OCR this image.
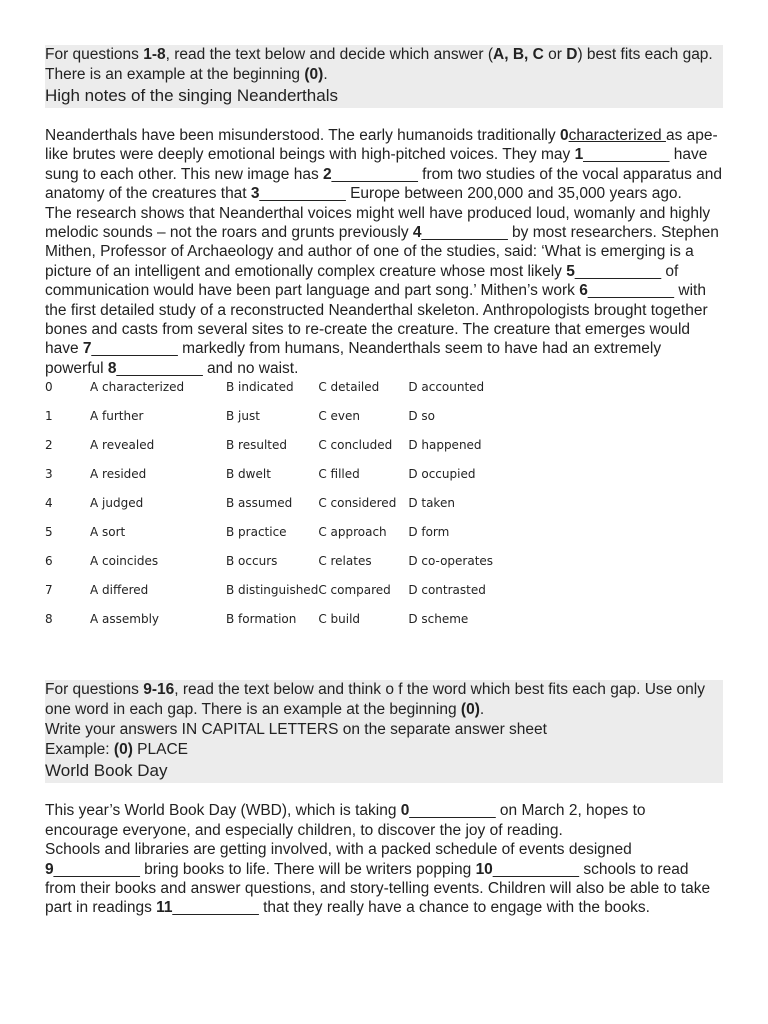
For questions 1-8, read the text below and decide which answer (A, B, C or D) best fits each gap. There is an example at the beginning (0).
High notes of the singing Neanderthals

Neanderthals have been misunderstood. The early humanoids traditionally 0characterized as ape-like brutes were deeply emotional beings with high-pitched voices. They may 1__________ have sung to each other. This new image has 2__________ from two studies of the vocal apparatus and anatomy of the creatures that 3__________ Europe between 200,000 and 35,000 years ago.

The research shows that Neanderthal voices might well have produced loud, womanly and highly melodic sounds – not the roars and grunts previously 4__________ by most researchers. Stephen Mithen, Professor of Archaeology and author of one of the studies, said: ‘What is emerging is a picture of an intelligent and emotionally complex creature whose most likely 5__________ of communication would have been part language and part song.’ Mithen’s work 6__________ with the first detailed study of a reconstructed Neanderthal skeleton. Anthropologists brought together bones and casts from several sites to re-create the creature. The creature that emerges would have 7__________ markedly from humans, Neanderthals seem to have had an extremely powerful 8__________ and no waist.

0	A characterized	B indicated	C detailed	D accounted
1	A further	B just	C even	D so
2	A revealed	B resulted	C concluded	D happened
3	A resided	B dwelt	C filled	D occupied
4	A judged	B assumed	C considered	D taken
5	A sort	B practice	C approach	D form
6	A coincides	B occurs	C relates	D co-operates
7	A differed	B distinguished	C compared	D contrasted
8	A assembly	B formation	C build	D scheme
For questions 9-16, read the text below and think o f the word which best fits each gap. Use only one word in each gap. There is an example at the beginning (0).
Write your answers IN CAPITAL LETTERS on the separate answer sheet
Example: (0) PLACE
World Book Day

This year’s World Book Day (WBD), which is taking 0__________ on March 2, hopes to encourage everyone, and especially children, to discover the joy of reading.

Schools and libraries are getting involved, with a packed schedule of events designed 9__________ bring books to life. There will be writers popping 10__________ schools to read from their books and answer questions, and story-telling events. Children will also be able to take part in readings 11__________ that they really have a chance to engage with the books.
